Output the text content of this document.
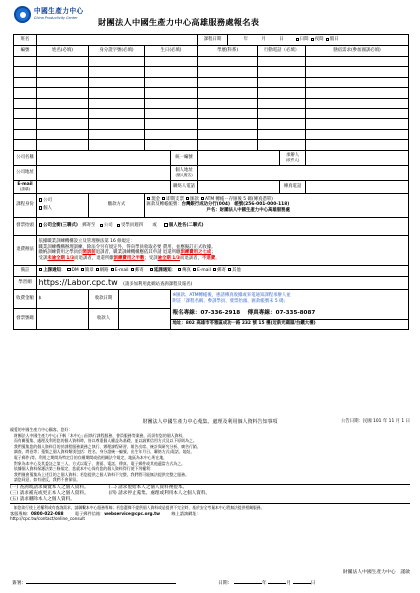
中國生產力中心
China Productivity Center	財團法人中國生產力中心高雄服務處報名表
班名						課程日期	年 月 日 日間 夜間 假日			
編號	姓名(必填)	身分證字號(必填)		生日(必填)		學歷(科系)		行動電話（必填）		膳宿需求(參加國訓必填)

公司名稱					統一編號				承辦人
(收件人)	

公司地址					個人地址
(個人報名)					

E-mail
(請填)					聯絡人電話				傳真電話	
課程身份	公司
個人	繳款方式		現金 即期支票 匯款 ATM 轉帳－存匯後 5 碼(傳真憑單)
匯款及轉帳帳號：台灣銀行成功分行(004)　 帳號(256-001-000-118)
戶名：財團法人中國生產力中心高雄服務處						

發票抬頭	公司全銜(三聯式) 郵寄至 公司 受學員週四 或 個人姓名(二聯式)									
退費辦法	依據職業訓練機構設立及管理辦法第 16 條規定：
職業訓練機構辦理訓練，除法令另有規定外，得向學員收取必要 費用，並應擬訂正式收據。
繳納訓練費用之學員於開訓前退訓者，職業訓練機構應依其申請 退還所繳訓練費用之七成；
受訓未逾全期 1/3而退訓者，退還所繳訓練費用之半數；受訓逾全期 1/3而退訓者，不退費。									

備註	上課通知： DM 簡章 網路 E-mail 郵寄 延課通知： 傳真 E-mail 郵寄 其他									
學習網	https://Labor.cpc.tw (請多加利用此網站查詢課程及報名)									
收費金額	$	收款日期			※匯款、ATM轉帳後，惠請傳真收據或來電通知課程承辦人並
附註「課程名稱、參訓學員、發票抬頭、匯款帳號末 5 碼」					

發票號碼		收款人			報名專線：07-336-2918 傳真專線：07-335-8087					
					地址：802 高雄市苓雅區成功一路 232 號 15 樓(近新光碼頭/台鐵大樓)					
財團法人中國生產力中心蒐集、處理及利用個人資料告知事項	公告日期：民國 101 年 11 月 1 日

親愛的中國生產力中心顧客，您好：

　財團法人中國生產力中心(下稱「本中心」)因執行課程服務、會員服務等業務，而須有您的個人資料，

　而有關蒐集、處理及利用您的個人資料時，皆以尊重個人權益為基礎，並以誠實信用方式及以下原則為之。

　我們蒐集您的個人資料目的於課程服務業務之執行、辦理課程研習、報告出席、統計與研究分析、廣告行銷、

　調查、問卷等；蒐集之個人資料類別包括：姓名、身分證統一編號、出生年月日、聯絡方式(電話、地址、

　電子郵件)等。利用之期間為特定目的存續期間或依相關法令規定，地區為本中心所在地，

　對象為本中心及其委託之第三人，方式以電子、書面、電話、傳真、電子郵件或其他適當方式為之。

　依據個人資料保護法第三條規定，您就本中心保有您的個人資料得行使下列權利：

　我們僅會蒐集為上述目的之個人資料；若您提供之個人資料不完整，我們將可能無法提供完整之服務。

　請您同意，如有違反，我們不會保留。

(一) 查詢或請求閱覽本人之個人資料。	(二) 請求製給本人之個人資料複製本。
(三) 請求補充或更正本人之個人資料。	(四) 請求停止蒐集、處理或利用本人之個人資料。
(五) 請求刪除本人之個人資料。

　如您欲行使上述權利或有查詢需求，請聯繫本中心服務專線；若您選擇不提供個人資料或是提供不完全時，基於安全考量本中心將無法提供相關服務。

客服專線：0800-022-088	電子郵件信箱：webservice@cpc.org.tw	線上諮詢網址：
http://cpc.tw/contact/online_consult
財團法人中國生產力中心　謹啟
簽署：	日期：	年	月	日
